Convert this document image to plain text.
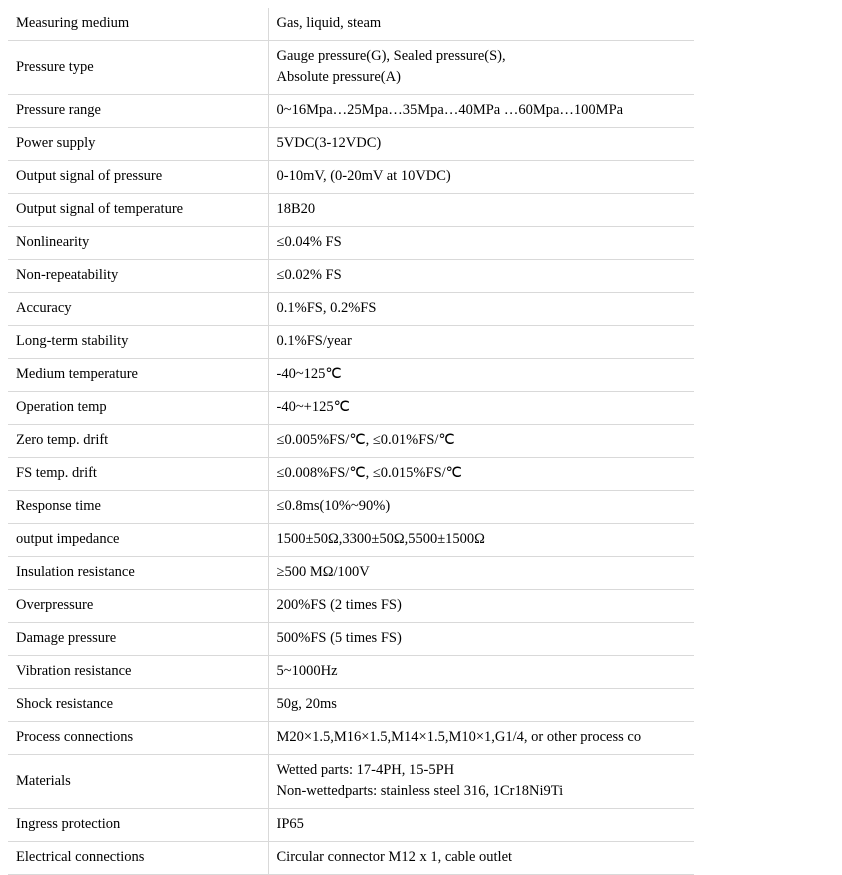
Measuring medium	Gas, liquid, steam
Pressure type	Gauge pressure(G), Sealed pressure(S),
Absolute pressure(A)

Pressure range	0~16Mpa…25Mpa…35Mpa…40MPa …60Mpa…100MPa
Power supply	5VDC(3-12VDC)
Output signal of pressure	0-10mV, (0-20mV at 10VDC)
Output signal of temperature	18B20
Nonlinearity	≤0.04% FS
Non-repeatability	≤0.02% FS
Accuracy	0.1%FS, 0.2%FS
Long-term stability	0.1%FS/year
Medium temperature	-40~125℃
Operation temp	-40~+125℃
Zero temp. drift	≤0.005%FS/℃, ≤0.01%FS/℃
FS temp. drift	≤0.008%FS/℃, ≤0.015%FS/℃
Response time	≤0.8ms(10%~90%)
output impedance	1500±50Ω,3300±50Ω,5500±1500Ω
Insulation resistance	≥500 MΩ/100V
Overpressure	200%FS (2 times FS)
Damage pressure	500%FS (5 times FS)
Vibration resistance	5~1000Hz
Shock resistance	50g, 20ms
Process connections	M20×1.5,M16×1.5,M14×1.5,M10×1,G1/4, or other process co
Materials	Wetted parts: 17-4PH, 15-5PH
Non-wettedparts: stainless steel 316, 1Cr18Ni9Ti

Ingress protection	IP65
Electrical connections	Circular connector M12 x 1, cable outlet
